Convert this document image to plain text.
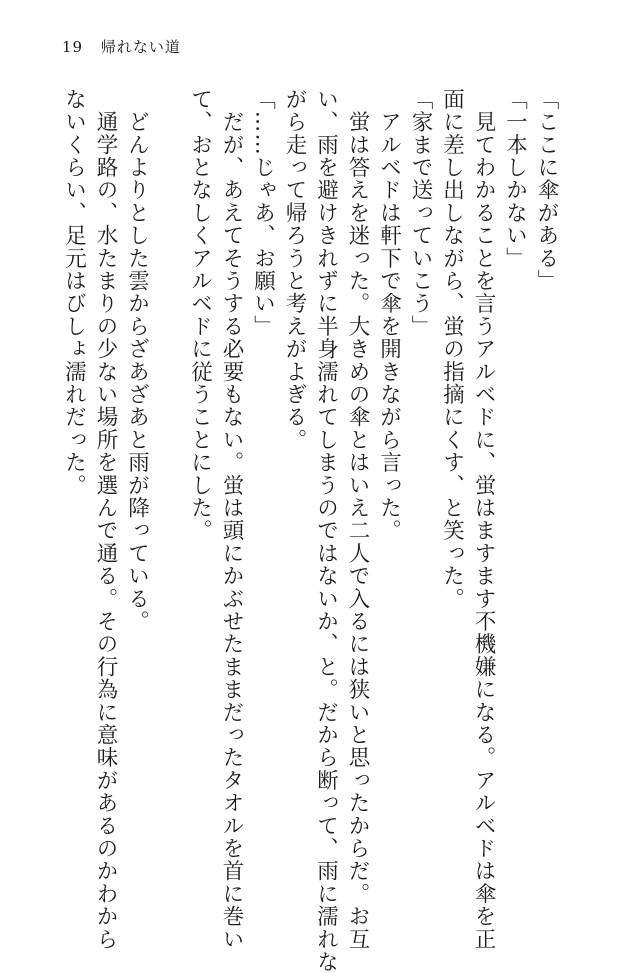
19 帰れない道
「ここに傘がある」
「一本しかない」
　見てわかることを言うアルベドに、蛍はますます不機嫌になる。アルベドは傘を正
面に差し出しながら、蛍の指摘にくす、と笑った。
「家まで送っていこう」
　アルベドは軒下で傘を開きながら言った。
　蛍は答えを迷った。大きめの傘とはいえ二人で入るには狭いと思ったからだ。お互
い、雨を避けきれずに半身濡れてしまうのではないか、と。だから断って、雨に濡れな
がら走って帰ろうと考えがよぎる。
「……じゃあ、お願い」
　だが、あえてそうする必要もない。蛍は頭にかぶせたままだったタオルを首に巻い
て、おとなしくアルベドに従うことにした。
　どんよりとした雲からざあざあと雨が降っている。
　通学路の、水たまりの少ない場所を選んで通る。その行為に意味があるのかわから
ないくらい、足元はびしょ濡れだった。
